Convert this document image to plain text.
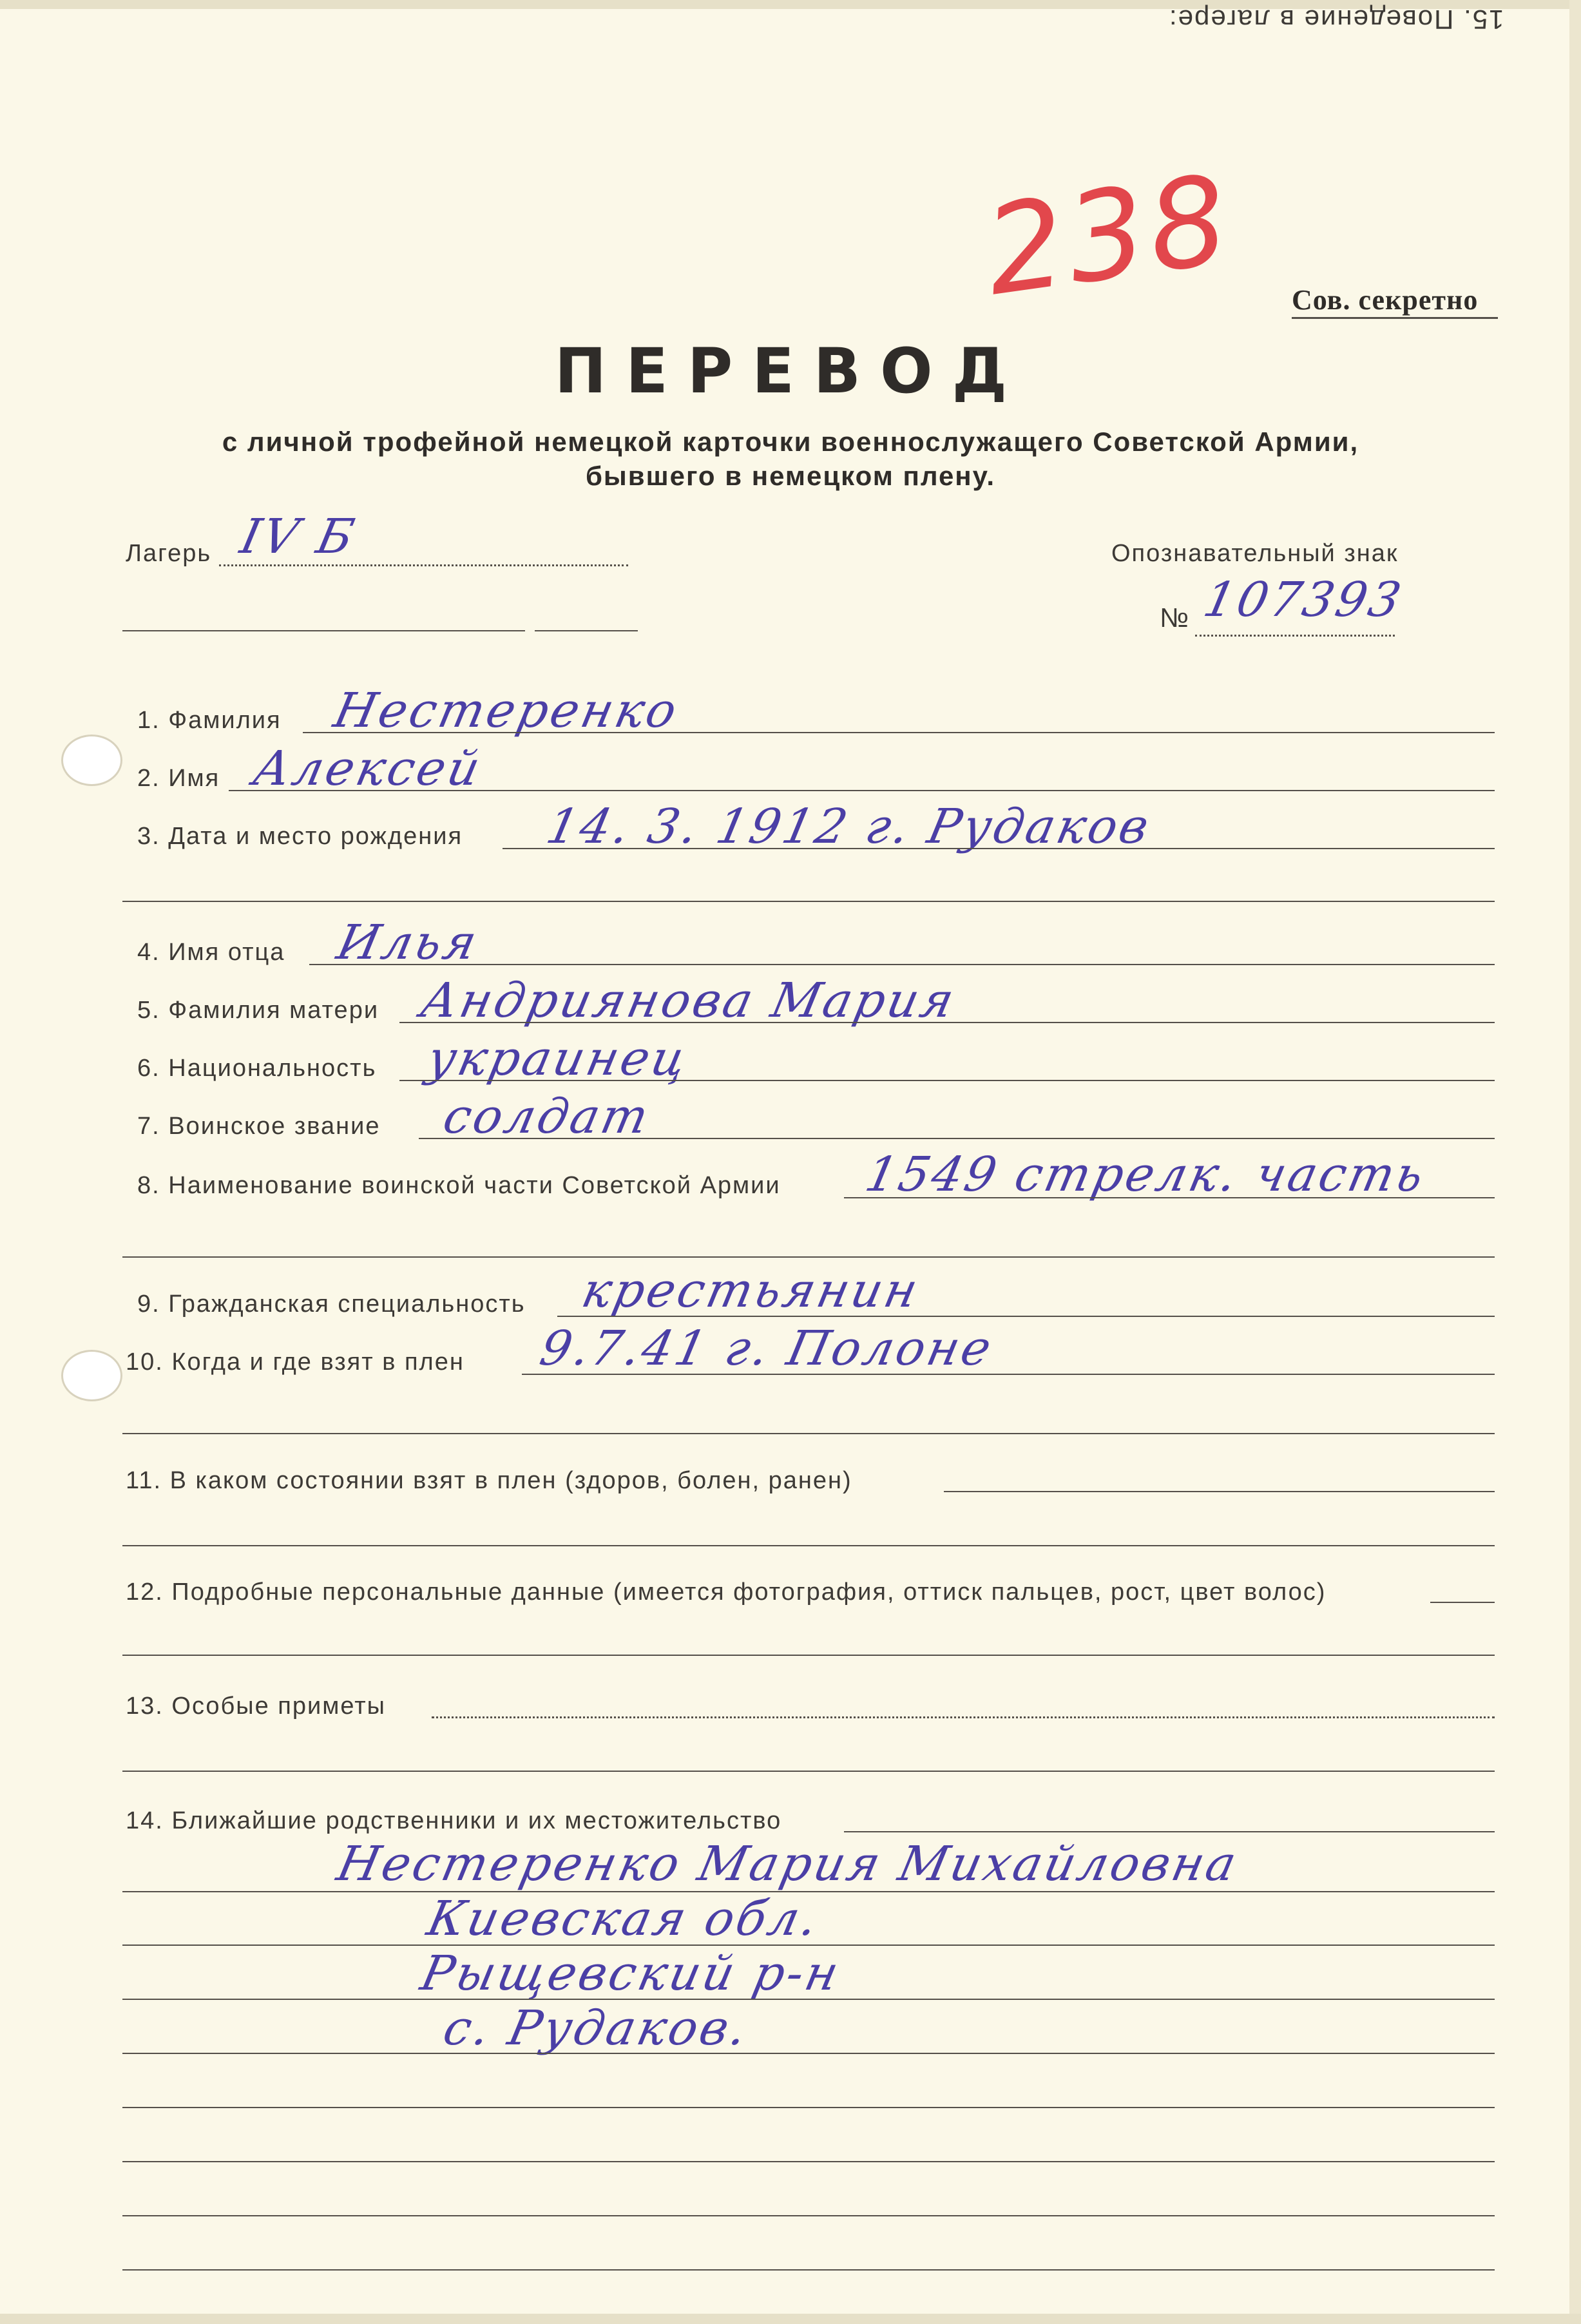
15. Поведение в лагере:
238 Сов. секретно
ПЕРЕВОД
с личной трофейной немецкой карточки военнослужащего Советской Армии,
бывшего в немецком плену.
Лагерь IV Б	Опознавательный знак
№ 107393
1. Фамилия Нестеренко
2. Имя Алексей
3. Дата и место рождения 14. 3. 1912 г. Рудаков
4. Имя отца Илья
5. Фамилия матери Андриянова Мария
6. Национальность украинец
7. Воинское звание солдат
8. Наименование воинской части Советской Армии 1549 стрелк. часть
9. Гражданская специальность крестьянин
10. Когда и где взят в плен 9.7.41 г. Полоне
11. В каком состоянии взят в плен (здоров, болен, ранен)
12. Подробные персональные данные (имеется фотография, оттиск пальцев, рост, цвет волос)
13. Особые приметы
14. Ближайшие родственники и их местожительство
Нестеренко Мария Михайловна
Киевская обл.
Рыщевский р-н
с. Рудаков.
